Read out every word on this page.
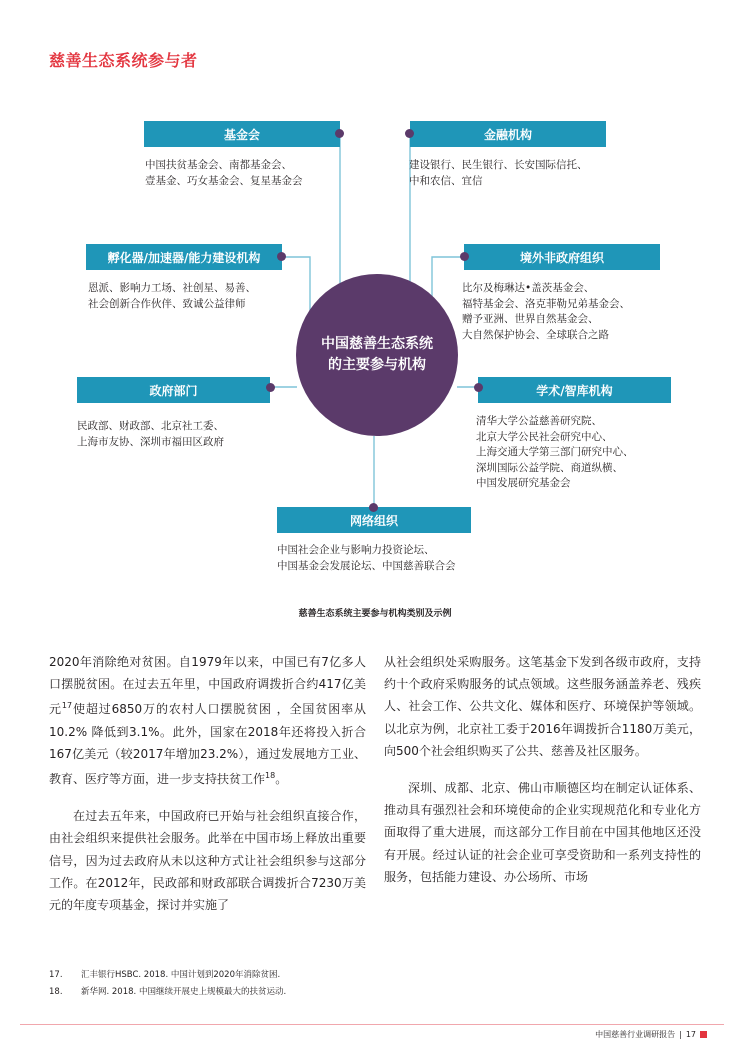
慈善生态系统参与者
中国慈善生态系统
的主要参与机构
基金会
中国扶贫基金会、南都基金会、
壹基金、巧女基金会、复星基金会
金融机构
建设银行、民生银行、长安国际信托、
中和农信、宜信
孵化器/加速器/能力建设机构
恩派、影响力工场、社创星、易善、
社会创新合作伙伴、致诚公益律师
境外非政府组织
比尔及梅琳达•盖茨基金会、
福特基金会、洛克菲勒兄弟基金会、
赠予亚洲、世界自然基金会、
大自然保护协会、全球联合之路
政府部门
民政部、财政部、北京社工委、
上海市友协、深圳市福田区政府
学术/智库机构
清华大学公益慈善研究院、
北京大学公民社会研究中心、
上海交通大学第三部门研究中心、
深圳国际公益学院、商道纵横、
中国发展研究基金会
网络组织
中国社会企业与影响力投资论坛、
中国基金会发展论坛、中国慈善联合会
慈善生态系统主要参与机构类别及示例

2020年消除绝对贫困。自1979年以来，中国已有7亿多人口摆脱贫困。在过去五年里，中国政府调拨折合约417亿美元$^{17}$使超过6850万的农村人口摆脱贫困 ，全国贫困率从10.2% 降低到3.1%。此外，国家在2018年还将投入折合167亿美元（较2017年增加23.2%），通过发展地方工业、教育、医疗等方面，进一步支持扶贫工作$^{18}$。

在过去五年来，中国政府已开始与社会组织直接合作，由社会组织来提供社会服务。此举在中国市场上释放出重要信号，因为过去政府从未以这种方式让社会组织参与这部分工作。在2012年，民政部和财政部联合调拨折合7230万美元的年度专项基金，探讨并实施了

从社会组织处采购服务。这笔基金下发到各级市政府，支持约十个政府采购服务的试点领域。这些服务涵盖养老、残疾人、社会工作、公共文化、媒体和医疗、环境保护等领域。以北京为例，北京社工委于2016年调拨折合1180万美元，向500个社会组织购买了公共、慈善及社区服务。

深圳、成都、北京、佛山市顺德区均在制定认证体系、推动具有强烈社会和环境使命的企业实现规范化和专业化方面取得了重大进展，而这部分工作目前在中国其他地区还没有开展。经过认证的社会企业可享受资助和一系列支持性的服务，包括能力建设、办公场所、市场

17. 汇丰银行HSBC. 2018. 中国计划到2020年消除贫困.
18. 新华网. 2018. 中国继续开展史上规模最大的扶贫运动.
中国慈善行业调研报告 | 17
